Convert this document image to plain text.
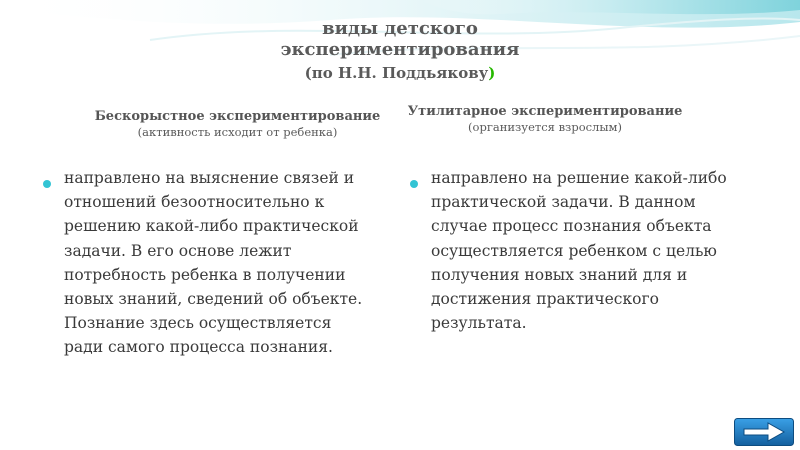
виды детского
экспериментирования
(по Н.Н. Поддьякову)
Бескорыстное экспериментирование
(активность исходит от ребенка)
Утилитарное экспериментирование
(организуется взрослым)

направлено на выяснение связей и отношений безоотносительно к решению какой-либо практической задачи. В его основе лежит потребность ребенка в получении новых знаний, сведений об объекте. Познание здесь осуществляется ради самого процесса познания.

направлено на решение какой-либо практической задачи. В данном случае процесс познания объекта осуществляется ребенком с целью получения новых знаний для и достижения практического результата.
